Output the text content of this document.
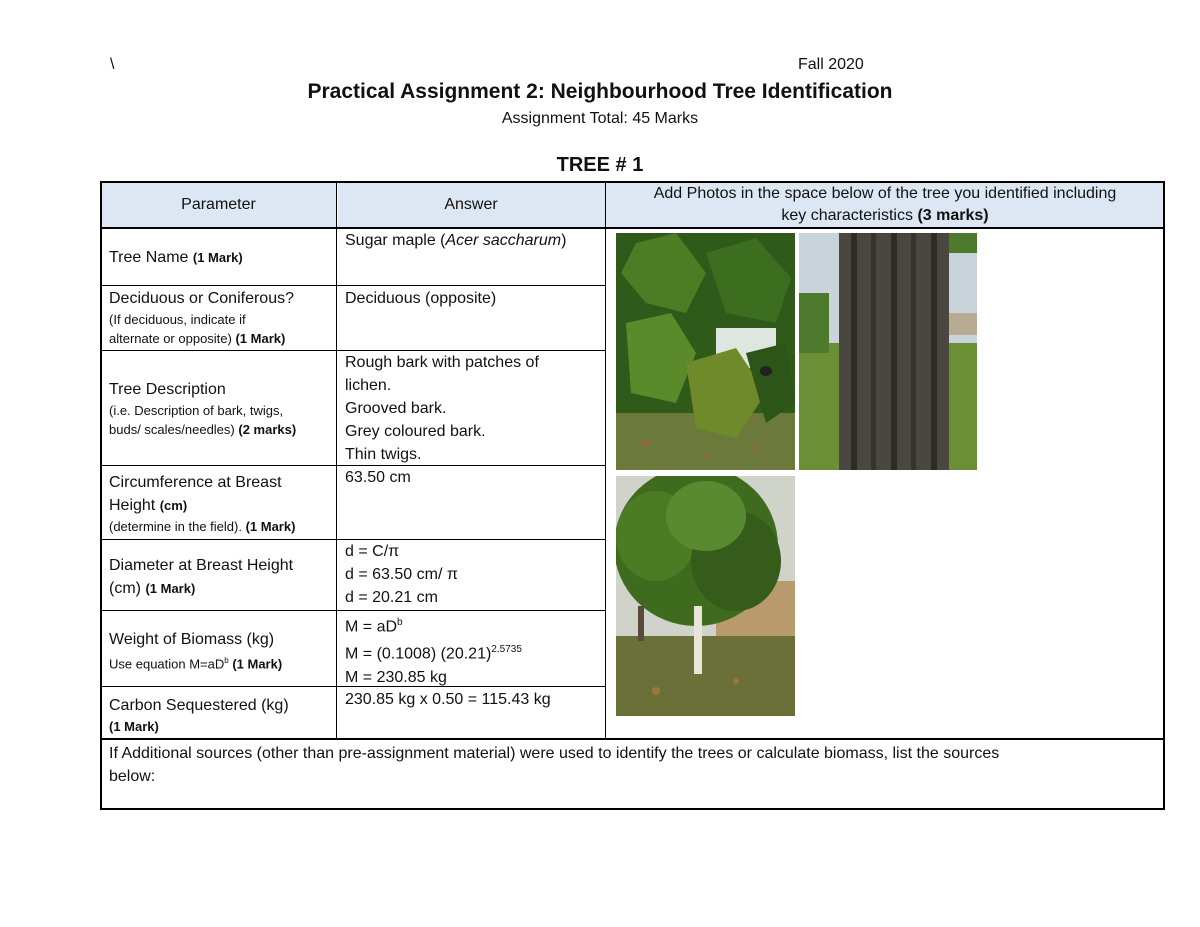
\	Fall 2020
Practical Assignment 2: Neighbourhood Tree Identification
Assignment Total: 45 Marks
TREE # 1
Parameter	Answer
Add Photos in the space below of the tree you identified including
key characteristics (3 marks)
Tree Name (1 Mark)
Sugar maple (Acer saccharum)
Deciduous or Coniferous?
(If deciduous, indicate if
alternate or opposite) (1 Mark)
Deciduous (opposite)
Tree Description
(i.e. Description of bark, twigs,
buds/ scales/needles) (2 marks)
Rough bark with patches of
lichen.
Grooved bark.
Grey coloured bark.
Thin twigs.
Circumference at Breast
Height (cm)
(determine in the field). (1 Mark)
63.50 cm
Diameter at Breast Height
(cm) (1 Mark)
d = C/π
d = 63.50 cm/ π
d = 20.21 cm
Weight of Biomass (kg)
Use equation $M=aD^b$ (1 Mark)
$M = aD^b$
M = (0.1008) $(20.21)^{2.5735}$
M = 230.85 kg
Carbon Sequestered (kg)
(1 Mark)
230.85 kg x 0.50 = 115.43 kg
If Additional sources (other than pre-assignment material) were used to identify the trees or calculate biomass, list the sources
below:
